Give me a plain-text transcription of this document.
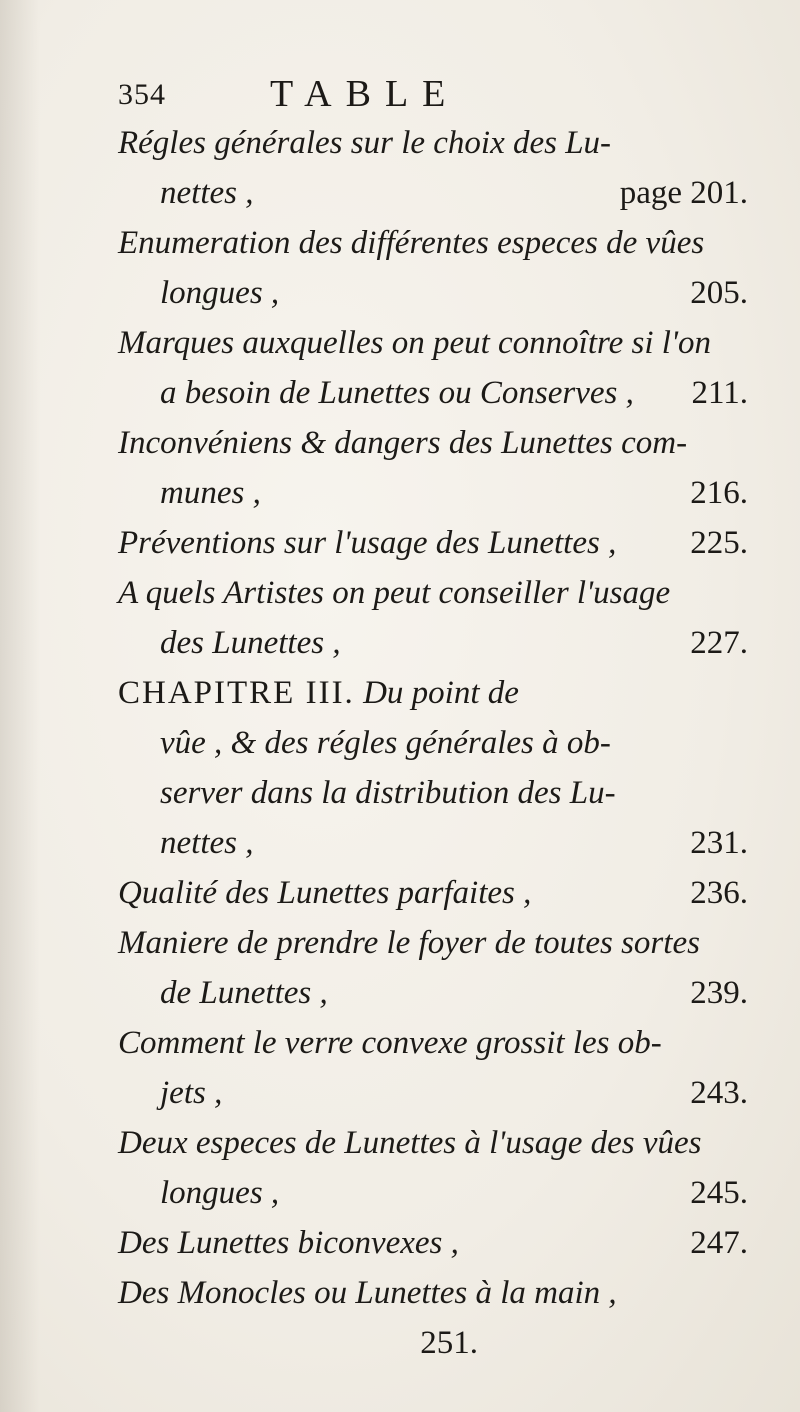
354	TABLE
Régles générales sur le choix des Lu-
nettes ,	page 201.
Enumeration des différentes especes de vûes
longues ,	205.
Marques auxquelles on peut connoître si l'on
a besoin de Lunettes ou Conserves , 211.
Inconvéniens & dangers des Lunettes com-
munes ,	216.
Préventions sur l'usage des Lunettes , 225.
A quels Artistes on peut conseiller l'usage
des Lunettes ,	227.
CHAPITRE III. Du point de
vûe , & des régles générales à ob-
server dans la distribution des Lu-
nettes ,	231.
Qualité des Lunettes parfaites ,	236.
Maniere de prendre le foyer de toutes sortes
de Lunettes ,	239.
Comment le verre convexe grossit les ob-
jets ,	243.
Deux especes de Lunettes à l'usage des vûes
longues ,	245.
Des Lunettes biconvexes ,	247.
Des Monocles ou Lunettes à la main ,
251.
